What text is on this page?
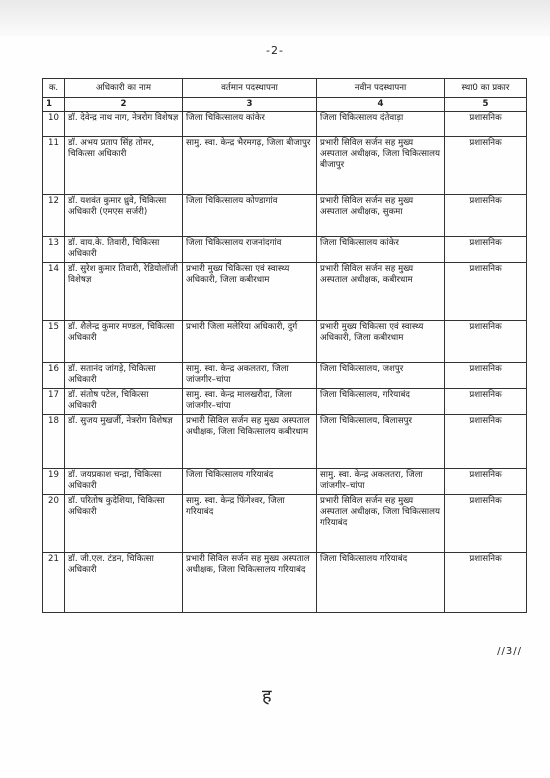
-2-
क.	अधिकारी का नाम	वर्तमान पदस्थापना	नवीन पदस्थापना	स्था0 का प्रकार
1	2	3	4	5
10	डॉ. देवेन्द्र नाथ नाग, नेत्ररोग विशेषज्ञ	जिला चिकित्सालय कांकेर	जिला चिकित्सालय दंतेवाड़ा	प्रशासनिक
11	डॉ. अभय प्रताप सिंह तोमर, चिकित्सा अधिकारी	सामु. स्वा. केन्द्र भैरमगढ़, जिला बीजापुर	प्रभारी सिविल सर्जन सह मुख्य अस्पताल अधीक्षक, जिला चिकित्सालय बीजापुर	प्रशासनिक
12	डॉ. यशवंत कुमार ध्रुवे, चिकित्सा अधिकारी (एमएस सर्जरी)	जिला चिकित्सालय कोण्डागांव	प्रभारी सिविल सर्जन सह मुख्य अस्पताल अधीक्षक, सुकमा	प्रशासनिक
13	डॉ. वाय.के. तिवारी, चिकित्सा अधिकारी	जिला चिकित्सालय राजनांदगांव	जिला चिकित्सालय कांकेर	प्रशासनिक
14	डॉ. सुरेश कुमार तिवारी, रेडियोलॉजी विशेषज्ञ	प्रभारी मुख्य चिकित्सा एवं स्वास्थ्य अधिकारी, जिला कबीरधाम	प्रभारी सिविल सर्जन सह मुख्य अस्पताल अधीक्षक, कबीरधाम	प्रशासनिक
15	डॉ. शैलेन्द्र कुमार मण्डल, चिकित्सा अधिकारी	प्रभारी जिला मलेरिया अधिकारी, दुर्ग	प्रभारी मुख्य चिकित्सा एवं स्वास्थ्य अधिकारी, जिला कबीरधाम	प्रशासनिक
16	डॉ. सतानंद जांगड़े, चिकित्सा अधिकारी	सामु. स्वा. केन्द्र अकलतरा, जिला जांजगीर–चांपा	जिला चिकित्सालय, जशपुर	प्रशासनिक
17	डॉ. संतोष पटेल, चिकित्सा अधिकारी	सामु. स्वा. केन्द्र मालखरौदा, जिला जांजगीर–चांपा	जिला चिकित्सालय, गरियाबंद	प्रशासनिक
18	डॉ. सुजय मुखर्जी, नेत्ररोग विशेषज्ञ	प्रभारी सिविल सर्जन सह मुख्य अस्पताल अधीक्षक, जिला चिकित्सालय कबीरधाम	जिला चिकित्सालय, बिलासपुर	प्रशासनिक
19	डॉ. जयप्रकाश चन्द्रा, चिकित्सा अधिकारी	जिला चिकित्सालय गरियाबंद	सामु. स्वा. केन्द्र अकलतरा, जिला जांजगीर–चांपा	प्रशासनिक
20	डॉ. परितोष कुदेशिया, चिकित्सा अधिकारी	सामु. स्वा. केन्द्र फिंगेश्वर, जिला गरियाबंद	प्रभारी सिविल सर्जन सह मुख्य अस्पताल अधीक्षक, जिला चिकित्सालय गरियाबंद	प्रशासनिक
21	डॉ. जी.एल. टंडन, चिकित्सा अधिकारी	प्रभारी सिविल सर्जन सह मुख्य अस्पताल अधीक्षक, जिला चिकित्सालय गरियाबंद	जिला चिकित्सालय गरियाबंद	प्रशासनिक
//3//
ह
